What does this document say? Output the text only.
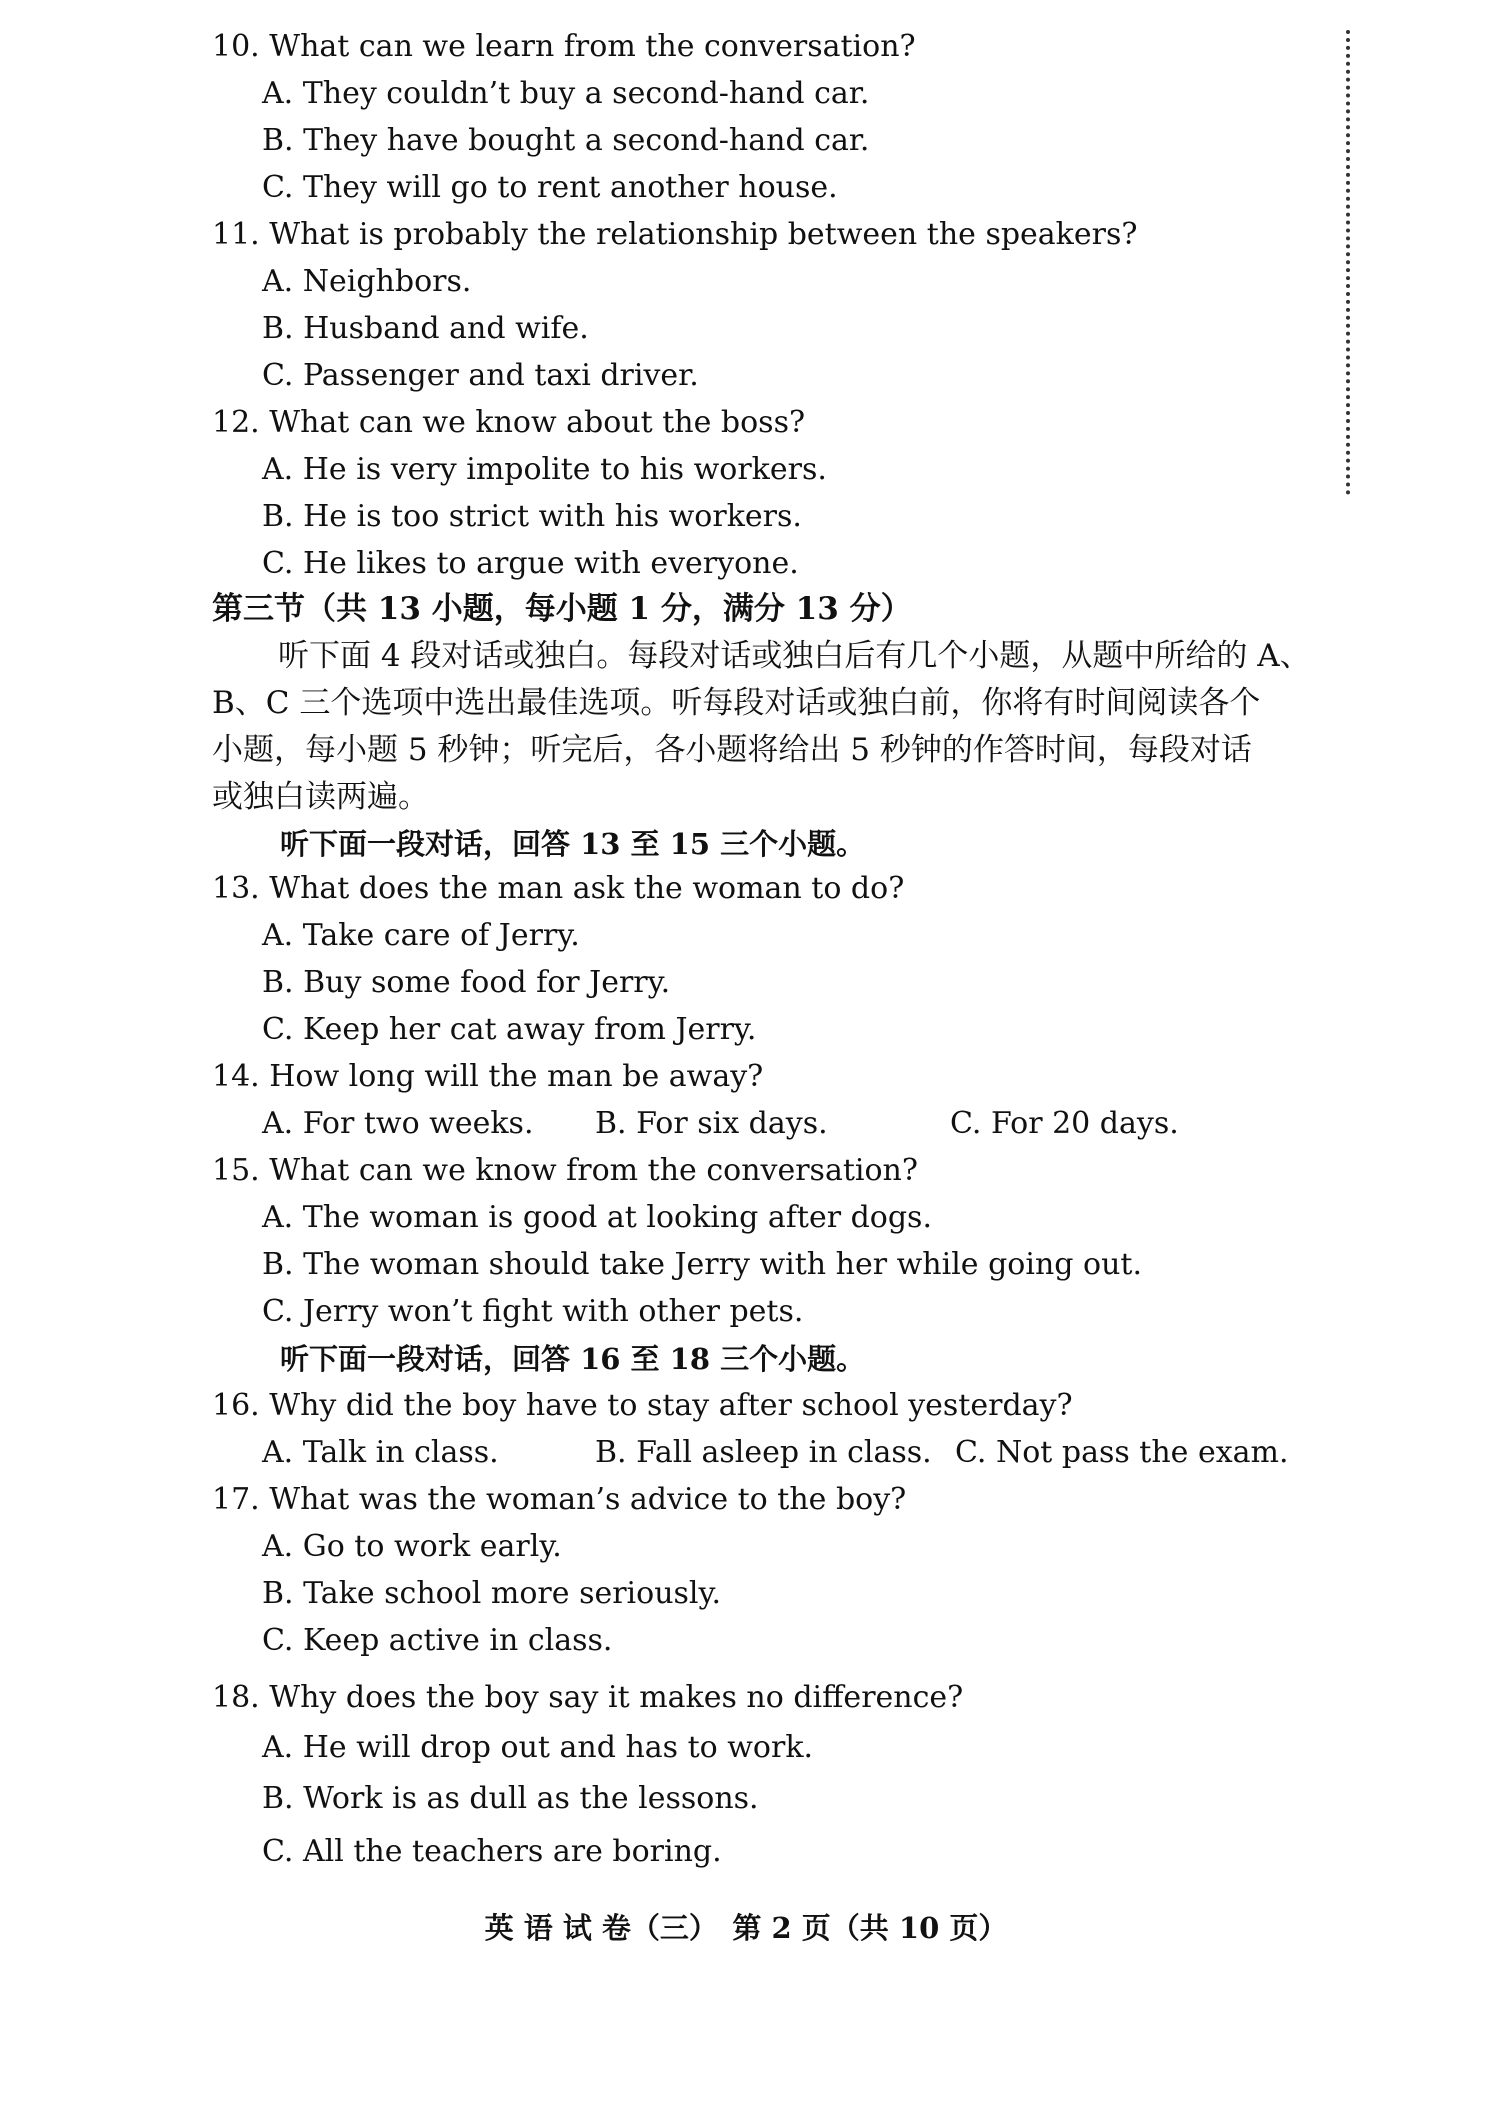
10. What can we learn from the conversation?
A. They couldn’t buy a second-hand car.
B. They have bought a second-hand car.
C. They will go to rent another house.
11. What is probably the relationship between the speakers?
A. Neighbors.
B. Husband and wife.
C. Passenger and taxi driver.
12. What can we know about the boss?
A. He is very impolite to his workers.
B. He is too strict with his workers.
C. He likes to argue with everyone.
第三节（共 13 小题，每小题 1 分，满分 13 分）
听下面 4 段对话或独白。每段对话或独白后有几个小题，从题中所给的 A、
B、C 三个选项中选出最佳选项。听每段对话或独白前，你将有时间阅读各个
小题，每小题 5 秒钟；听完后，各小题将给出 5 秒钟的作答时间，每段对话
或独白读两遍。
听下面一段对话，回答 13 至 15 三个小题。
13. What does the man ask the woman to do?
A. Take care of Jerry.
B. Buy some food for Jerry.
C. Keep her cat away from Jerry.
14. How long will the man be away?
A. For two weeks. B. For six days.	C. For 20 days.
15. What can we know from the conversation?
A. The woman is good at looking after dogs.
B. The woman should take Jerry with her while going out.
C. Jerry won’t fight with other pets.
听下面一段对话，回答 16 至 18 三个小题。
16. Why did the boy have to stay after school yesterday?
A. Talk in class.	B. Fall asleep in class. C. Not pass the exam.
17. What was the woman’s advice to the boy?
A. Go to work early.
B. Take school more seriously.
C. Keep active in class.
18. Why does the boy say it makes no difference?
A. He will drop out and has to work.
B. Work is as dull as the lessons.
C. All the teachers are boring.
英 语 试 卷（三）　第 2 页（共 10 页）
